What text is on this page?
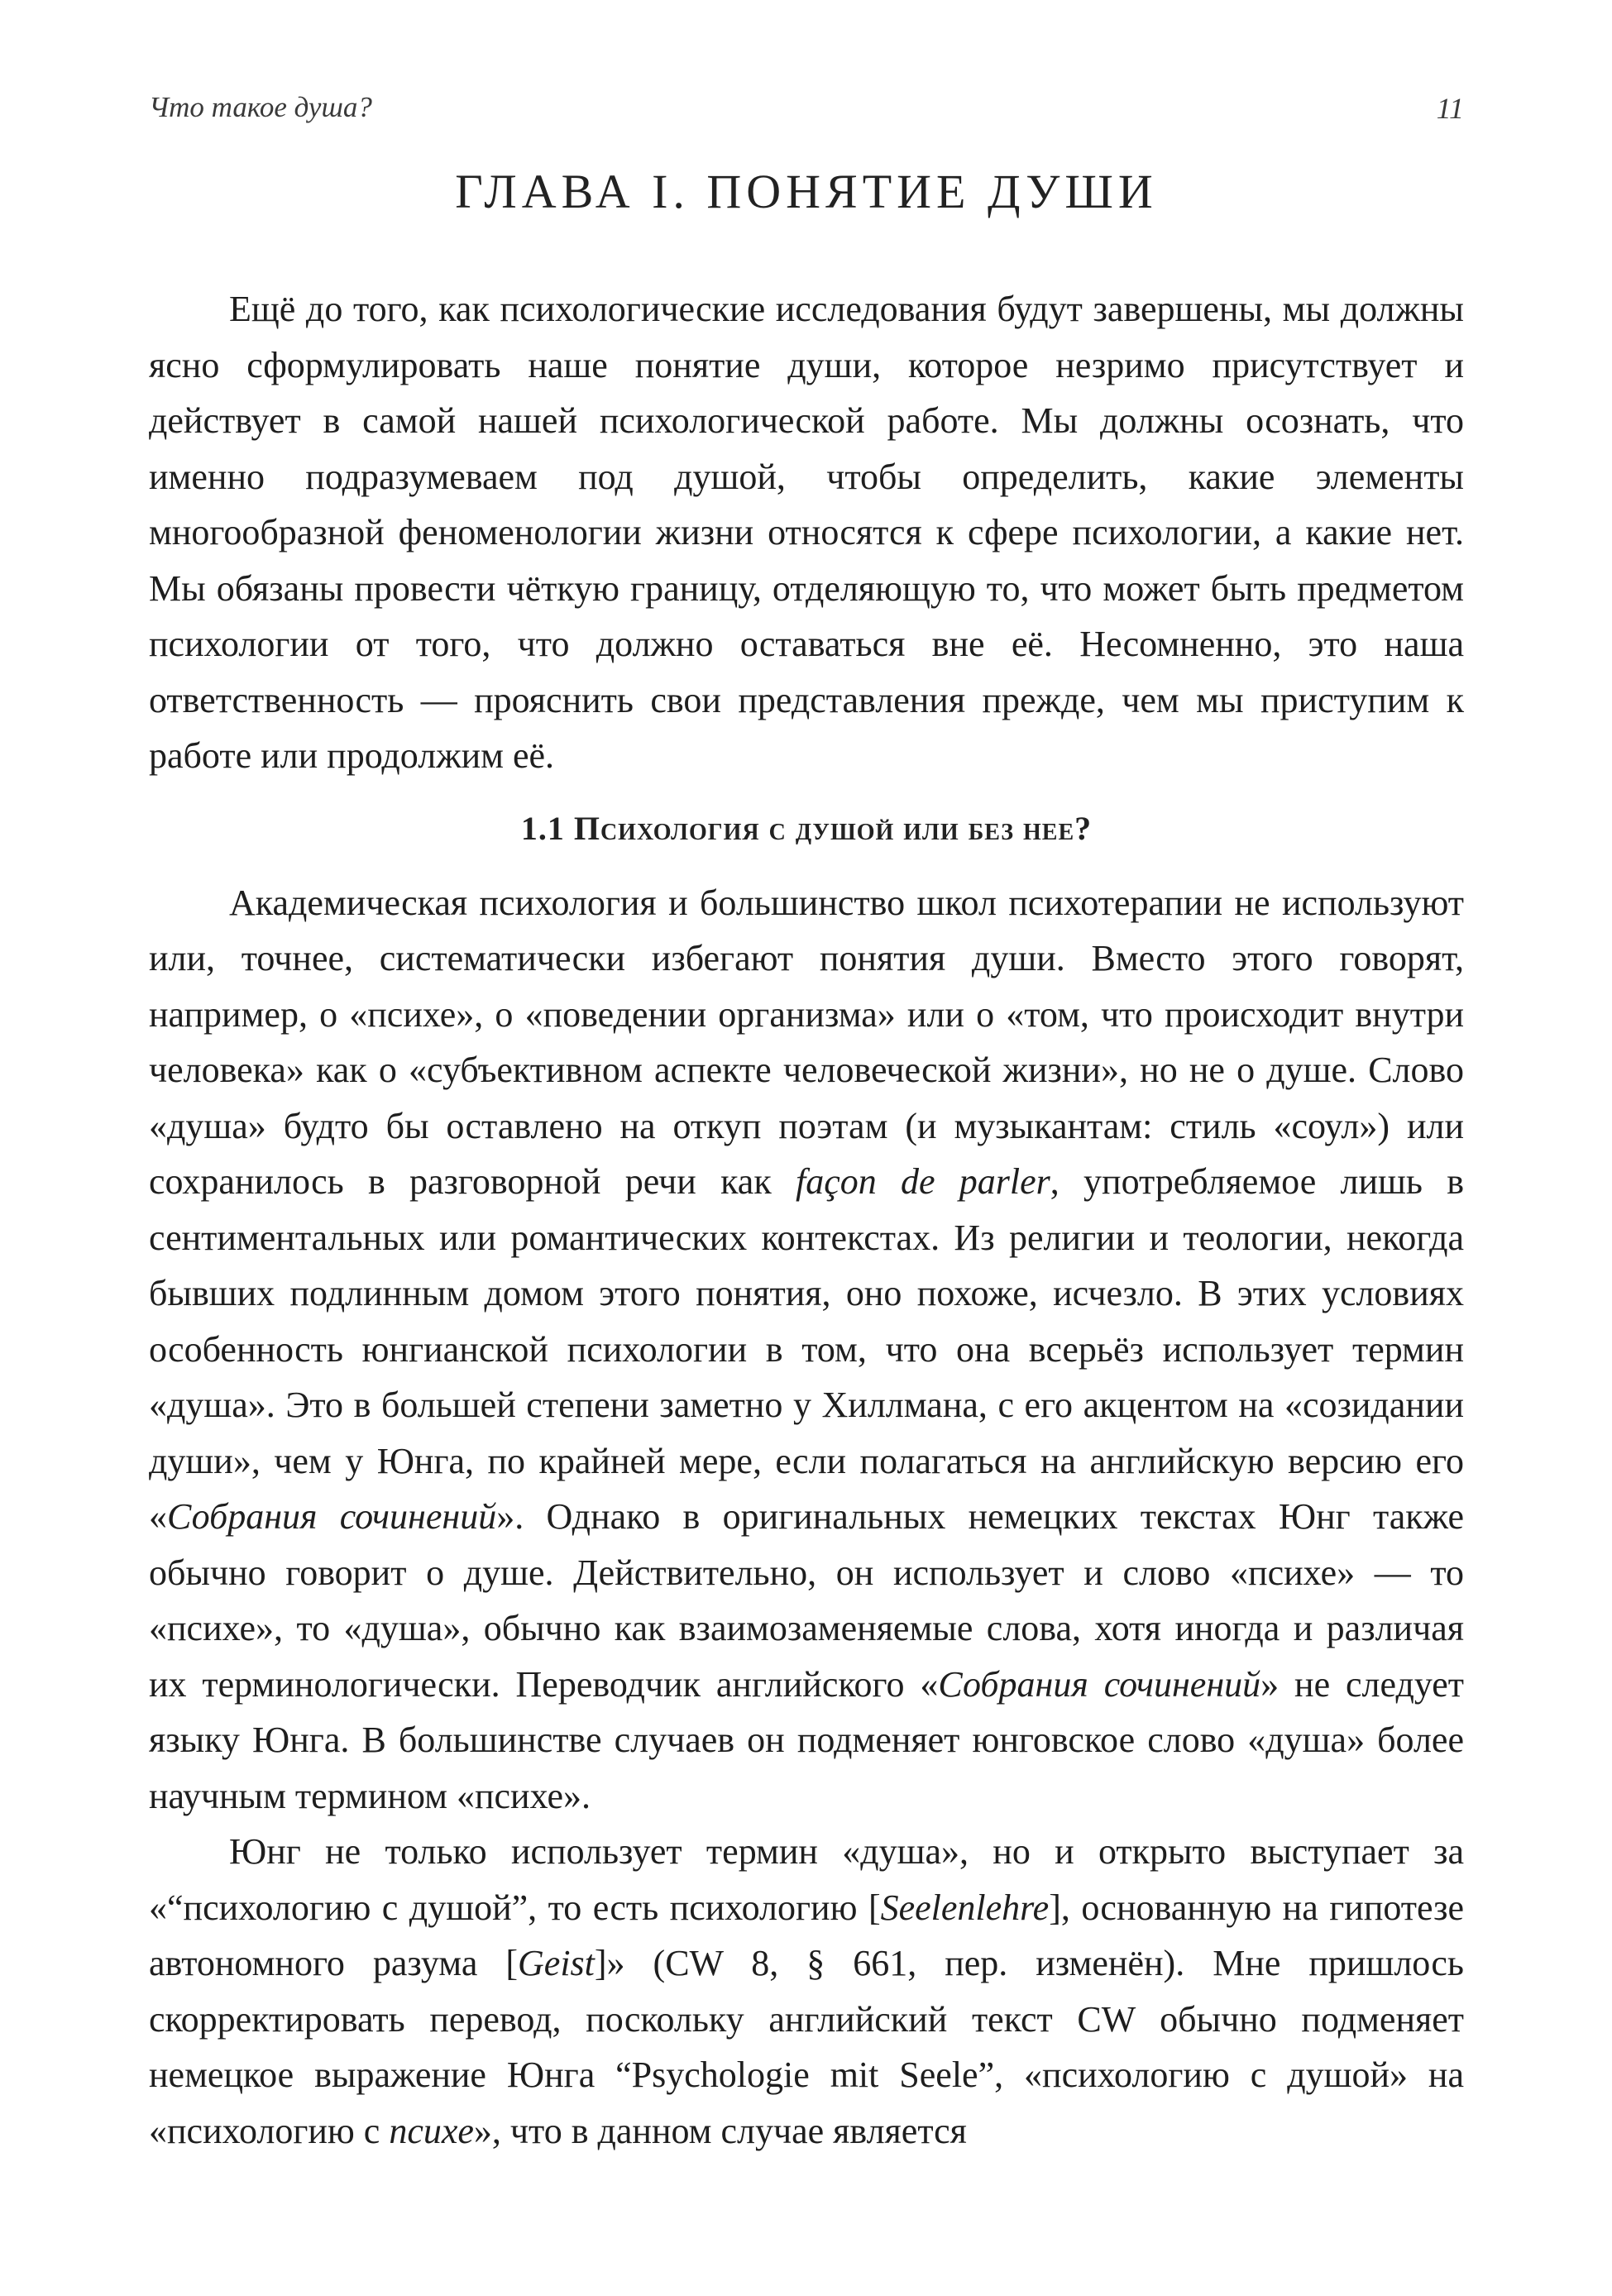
Что такое душа?	11
ГЛАВА I. ПОНЯТИЕ ДУШИ

Ещё до того, как психологические исследования будут завершены, мы должны ясно сформулировать наше понятие души, которое незримо присутствует и действует в самой нашей психологической работе. Мы должны осознать, что именно подразумеваем под душой, чтобы определить, какие элементы многообразной феноменологии жизни относятся к сфере психологии, а какие нет. Мы обязаны провести чёткую границу, отделяющую то, что может быть предметом психологии от того, что должно оставаться вне её. Несомненно, это наша ответственность — прояснить свои представления прежде, чем мы приступим к работе или продолжим её.

1.1 Психология с душой или без нее?

Академическая психология и большинство школ психотерапии не используют или, точнее, систематически избегают понятия души. Вместо этого говорят, например, о «психе», о «поведении организма» или о «том, что происходит внутри человека» как о «субъективном аспекте человеческой жизни», но не о душе. Слово «душа» будто бы оставлено на откуп поэтам (и музыкантам: стиль «соул») или сохранилось в разговорной речи как façon de parler, употребляемое лишь в сентиментальных или романтических контекстах. Из религии и теологии, некогда бывших подлинным домом этого понятия, оно похоже, исчезло. В этих условиях особенность юнгианской психологии в том, что она всерьёз использует термин «душа». Это в большей степени заметно у Хиллмана, с его акцентом на «созидании души», чем у Юнга, по крайней мере, если полагаться на английскую версию его «Собрания сочинений». Однако в оригинальных немецких текстах Юнг также обычно говорит о душе. Действительно, он использует и слово «психе» — то «психе», то «душа», обычно как взаимозаменяемые слова, хотя иногда и различая их терминологически. Переводчик английского «Собрания сочинений» не следует языку Юнга. В большинстве случаев он подменяет юнговское слово «душа» более научным термином «психе».

Юнг не только использует термин «душа», но и открыто выступает за «“психологию с душой”, то есть психологию [Seelenlehre], основанную на гипотезе автономного разума [Geist]» (CW 8, § 661, пер. изменён). Мне пришлось скорректировать перевод, поскольку английский текст CW обычно подменяет немецкое выражение Юнга “Psychologie mit Seele”, «психологию с душой» на «психологию с психе», что в данном случае является
